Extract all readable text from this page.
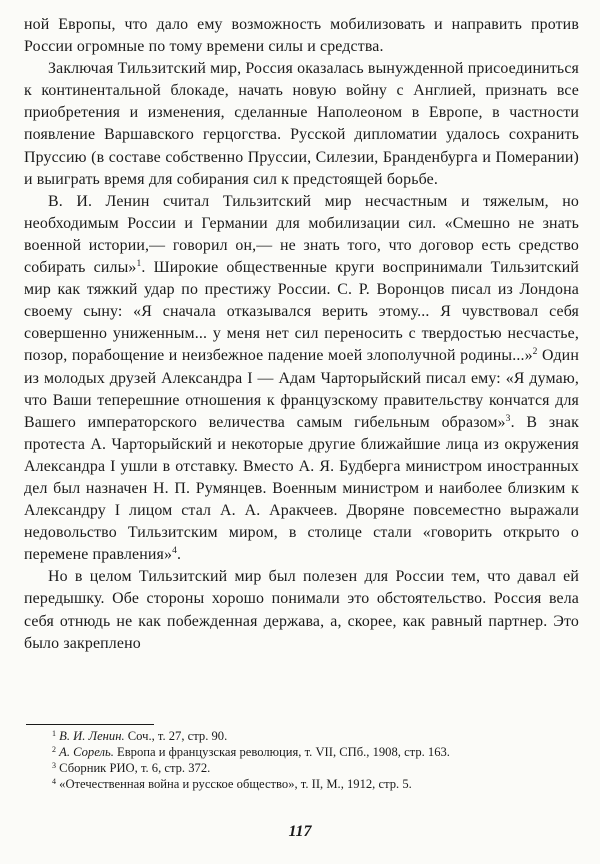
ной Европы, что дало ему возможность мобилизовать и направить против России огромные по тому времени силы и средства.

Заключая Тильзитский мир, Россия оказалась вынужденной присоединиться к континентальной блокаде, начать новую войну с Англией, признать все приобретения и изменения, сделанные Наполеоном в Европе, в частности появление Варшавского герцогства. Русской дипломатии удалось сохранить Пруссию (в составе собственно Пруссии, Силезии, Бранденбурга и Померании) и выиграть время для собирания сил к предстоящей борьбе.

В. И. Ленин считал Тильзитский мир несчастным и тяжелым, но необходимым России и Германии для мобилизации сил. «Смешно не знать военной истории,— говорил он,— не знать того, что договор есть средство собирать силы»$^1$. Широкие общественные круги воспринимали Тильзитский мир как тяжкий удар по престижу России. С. Р. Воронцов писал из Лондона своему сыну: «Я сначала отказывался верить этому... Я чувствовал себя совершенно униженным... у меня нет сил переносить с твердостью несчастье, позор, порабощение и неизбежное падение моей злополучной родины...»$^2$ Один из молодых друзей Александра I — Адам Чарторыйский писал ему: «Я думаю, что Ваши теперешние отношения к французскому правительству кончатся для Вашего императорского величества самым гибельным образом»$^3$. В знак протеста А. Чарторыйский и некоторые другие ближайшие лица из окружения Александра I ушли в отставку. Вместо А. Я. Будберга министром иностранных дел был назначен Н. П. Румянцев. Военным министром и наиболее близким к Александру I лицом стал А. А. Аракчеев. Дворяне повсеместно выражали недовольство Тильзитским миром, в столице стали «говорить открыто о перемене правления»$^4$.

Но в целом Тильзитский мир был полезен для России тем, что давал ей передышку. Обе стороны хорошо понимали это обстоятельство. Россия вела себя отнюдь не как побежденная держава, а, скорее, как равный партнер. Это было закреплено

$^1$ В. И. Ленин. Соч., т. 27, стр. 90.
$^2$ А. Сорель. Европа и французская революция, т. VII, СПб., 1908, стр. 163.
$^3$ Сборник РИО, т. 6, стр. 372.
$^4$ «Отечественная война и русское общество», т. II, М., 1912, стр. 5.
117
